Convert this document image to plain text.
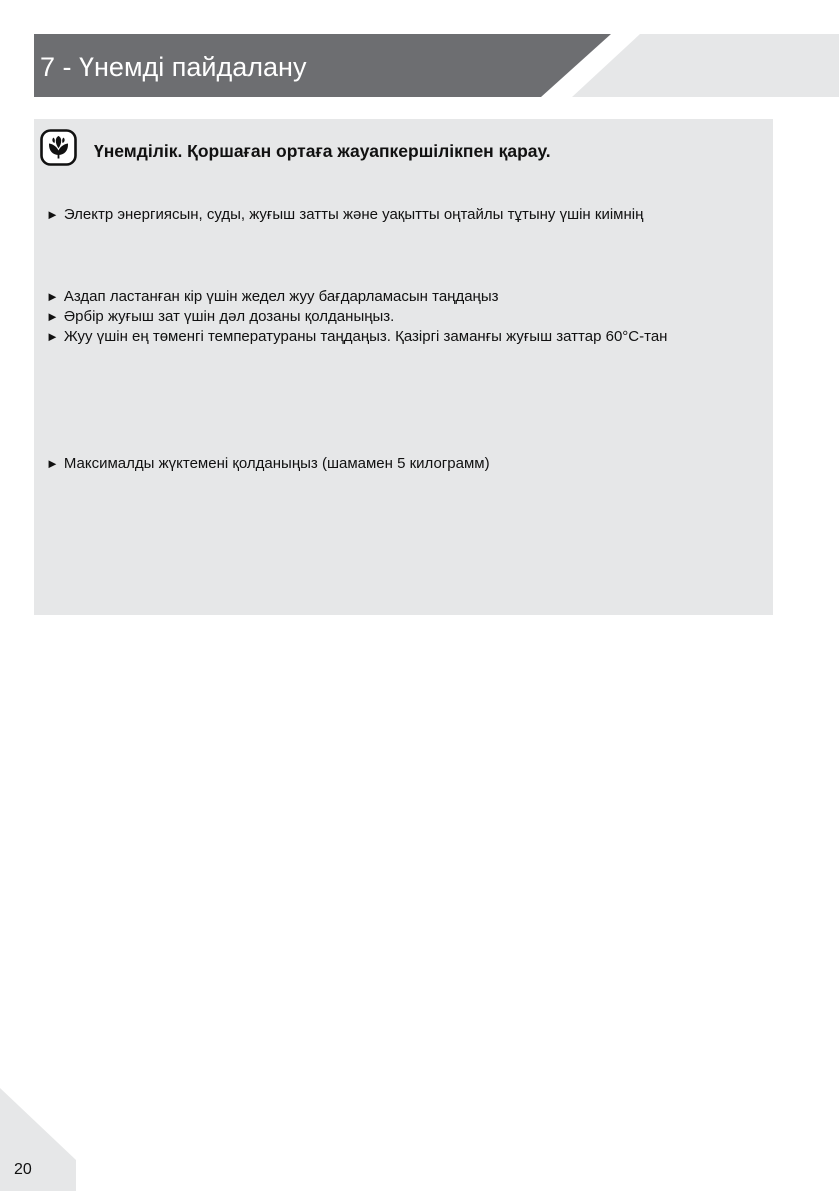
7 - Үнемді пайдалану
Үнемділік. Қоршаған ортаға жауапкершілікпен қарау.
► Электр энергиясын, суды, жуғыш затты және уақытты оңтайлы тұтыну үшін киімнің
► Аздап ластанған кір үшін жедел жуу бағдарламасын таңдаңыз
► Әрбір жуғыш зат үшін дәл дозаны қолданыңыз.
► Жуу үшін ең төменгі температураны таңдаңыз. Қазіргі заманғы жуғыш заттар 60°С-тан
► Максималды жүктемені қолданыңыз (шамамен 5 килограмм)
20
